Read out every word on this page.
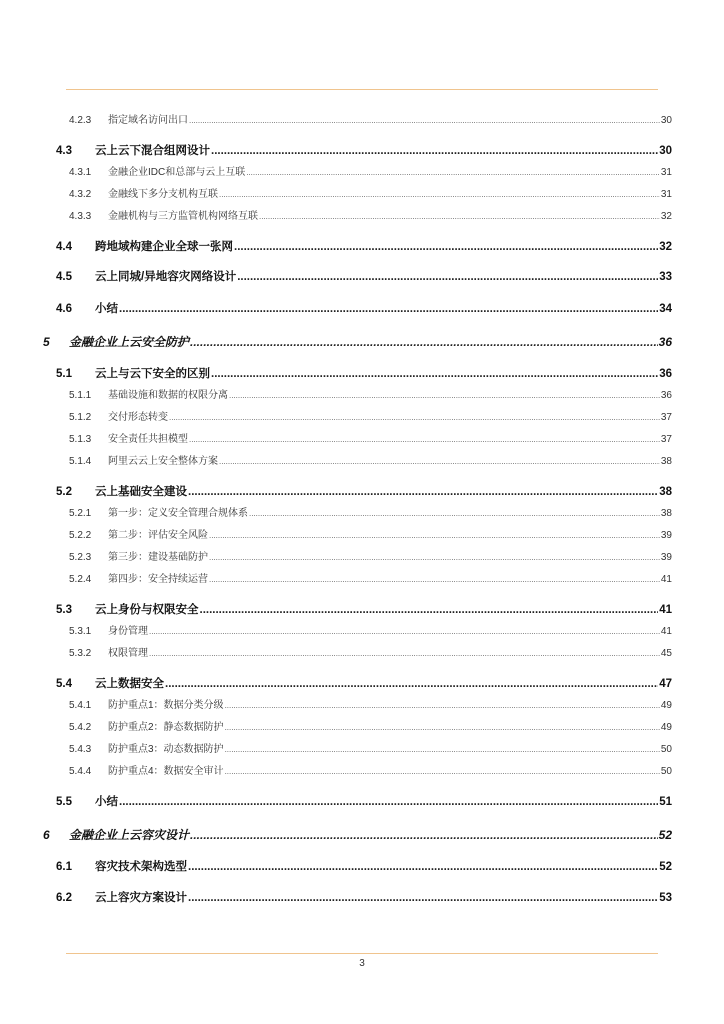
4.2.3	指定域名访问出口 .....	30
4.3	云上云下混合组网设计 .....	30
4.3.1	金融企业IDC和总部与云上互联 .....	31
4.3.2	金融线下多分支机构互联 .....	31
4.3.3	金融机构与三方监管机构网络互联 .....	32
4.4	跨地域构建企业全球一张网 .....	32
4.5	云上同城/异地容灾网络设计 .....	33
4.6	小结 .....	34
5	金融企业上云安全防护 .....	36
5.1	云上与云下安全的区别 .....	36
5.1.1	基础设施和数据的权限分离 .....	36
5.1.2	交付形态转变 .....	37
5.1.3	安全责任共担模型 .....	37
5.1.4	阿里云云上安全整体方案 .....	38
5.2	云上基础安全建设 .....	38
5.2.1	第一步：定义安全管理合规体系 .....	38
5.2.2	第二步：评估安全风险 .....	39
5.2.3	第三步：建设基础防护 .....	39
5.2.4	第四步：安全持续运营 .....	41
5.3	云上身份与权限安全 .....	41
5.3.1	身份管理 .....	41
5.3.2	权限管理 .....	45
5.4	云上数据安全 .....	47
5.4.1	防护重点1：数据分类分级 .....	49
5.4.2	防护重点2：静态数据防护 .....	49
5.4.3	防护重点3：动态数据防护 .....	50
5.4.4	防护重点4：数据安全审计 .....	50
5.5	小结 .....	51
6	金融企业上云容灾设计 .....	52
6.1	容灾技术架构选型 .....	52
6.2	云上容灾方案设计 .....	53
3
